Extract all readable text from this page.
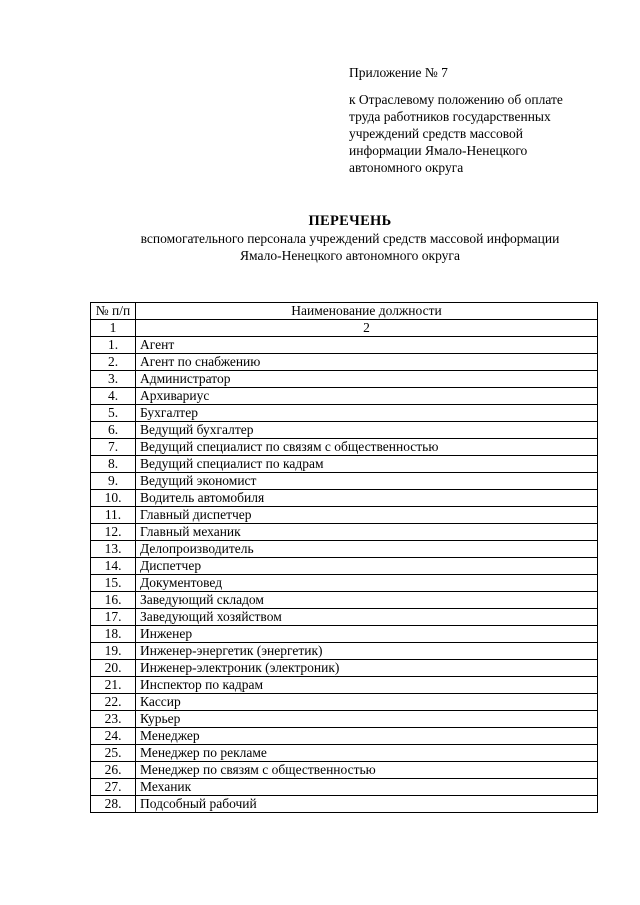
Приложение № 7
к Отраслевому положению об оплате
труда работников государственных
учреждений средств массовой
информации Ямало-Ненецкого
автономного округа
ПЕРЕЧЕНЬ
вспомогательного персонала учреждений средств массовой информации
Ямало-Ненецкого автономного округа
№ п/п	Наименование должности
1	2
1.	Агент
2.	Агент по снабжению
3.	Администратор
4.	Архивариус
5.	Бухгалтер
6.	Ведущий бухгалтер
7.	Ведущий специалист по связям с общественностью
8.	Ведущий специалист по кадрам
9.	Ведущий экономист
10.	Водитель автомобиля
11.	Главный диспетчер
12.	Главный механик
13.	Делопроизводитель
14.	Диспетчер
15.	Документовед
16.	Заведующий складом
17.	Заведующий хозяйством
18.	Инженер
19.	Инженер-энергетик (энергетик)
20.	Инженер-электроник (электроник)
21.	Инспектор по кадрам
22.	Кассир
23.	Курьер
24.	Менеджер
25.	Менеджер по рекламе
26.	Менеджер по связям с общественностью
27.	Механик
28.	Подсобный рабочий
